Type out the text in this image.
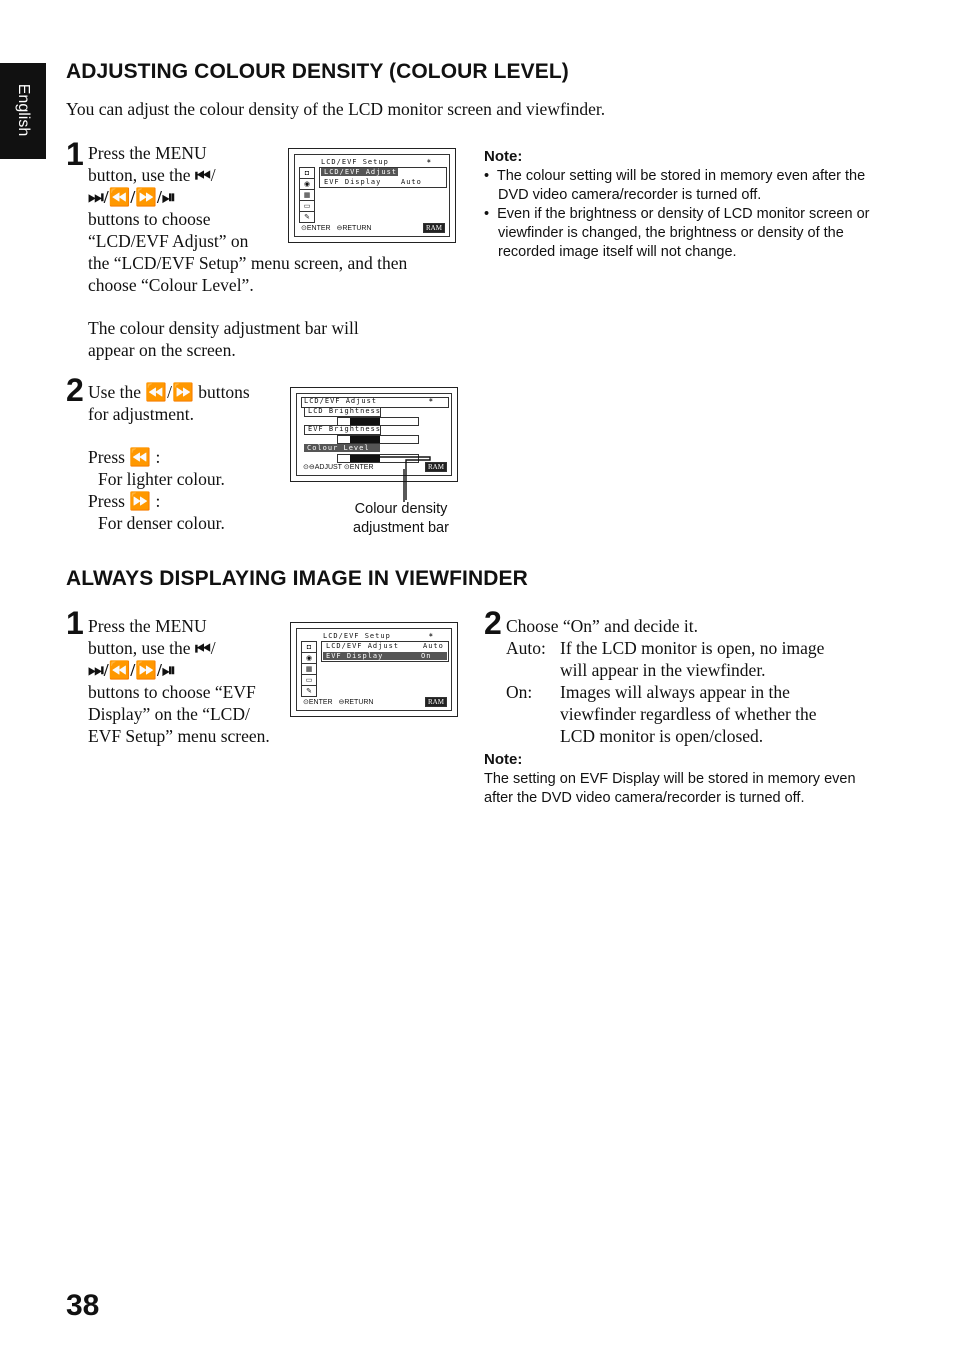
English
ADJUSTING COLOUR DENSITY (COLOUR LEVEL)
You can adjust the colour density of the LCD monitor screen and viewfinder.
1 Press the MENU
button, use the ⏮/
⏭/⏪/⏩/⏯
buttons to choose
“LCD/EVF Adjust” on
the “LCD/EVF Setup” menu screen, and then
choose “Colour Level”.
The colour density adjustment bar will
appear on the screen.
◘
◉
▦
▭
✎
LCD/EVF Setup	⎈
LCD/EVF Adjust
EVF Display	Auto
⊙ENTER   ⊖RETURN	RAM
2 Use the ⏪/⏩ buttons
for adjustment.
Press ⏪ :
For lighter colour.
Press ⏩ :
For denser colour.
LCD/EVF Adjust	⎈
LCD Brightness
EVF Brightness
Colour Level
⊙⊖ADJUST ⊙ENTER	RAM
Colour density
adjustment bar
Note:
•  The colour setting will be stored in memory even after the DVD video camera/recorder is turned off.
•  Even if the brightness or density of LCD monitor screen or viewfinder is changed, the brightness or density of the recorded image itself will not change.
ALWAYS DISPLAYING IMAGE IN VIEWFINDER
1 Press the MENU
button, use the ⏮/
⏭/⏪/⏩/⏯
buttons to choose “EVF
Display” on the “LCD/
EVF Setup” menu screen.
◘
◉
▦
▭
✎
LCD/EVF Setup	⎈
LCD/EVF Adjust	Auto
EVF Display	On
⊙ENTER   ⊖RETURN	RAM
2 Choose “On” and decide it.
Auto: If the LCD monitor is open, no image
will appear in the viewfinder.
On: Images will always appear in the
viewfinder regardless of whether the
LCD monitor is open/closed.
Note:
The setting on EVF Display will be stored in memory even after the DVD video camera/recorder is turned off.
38
